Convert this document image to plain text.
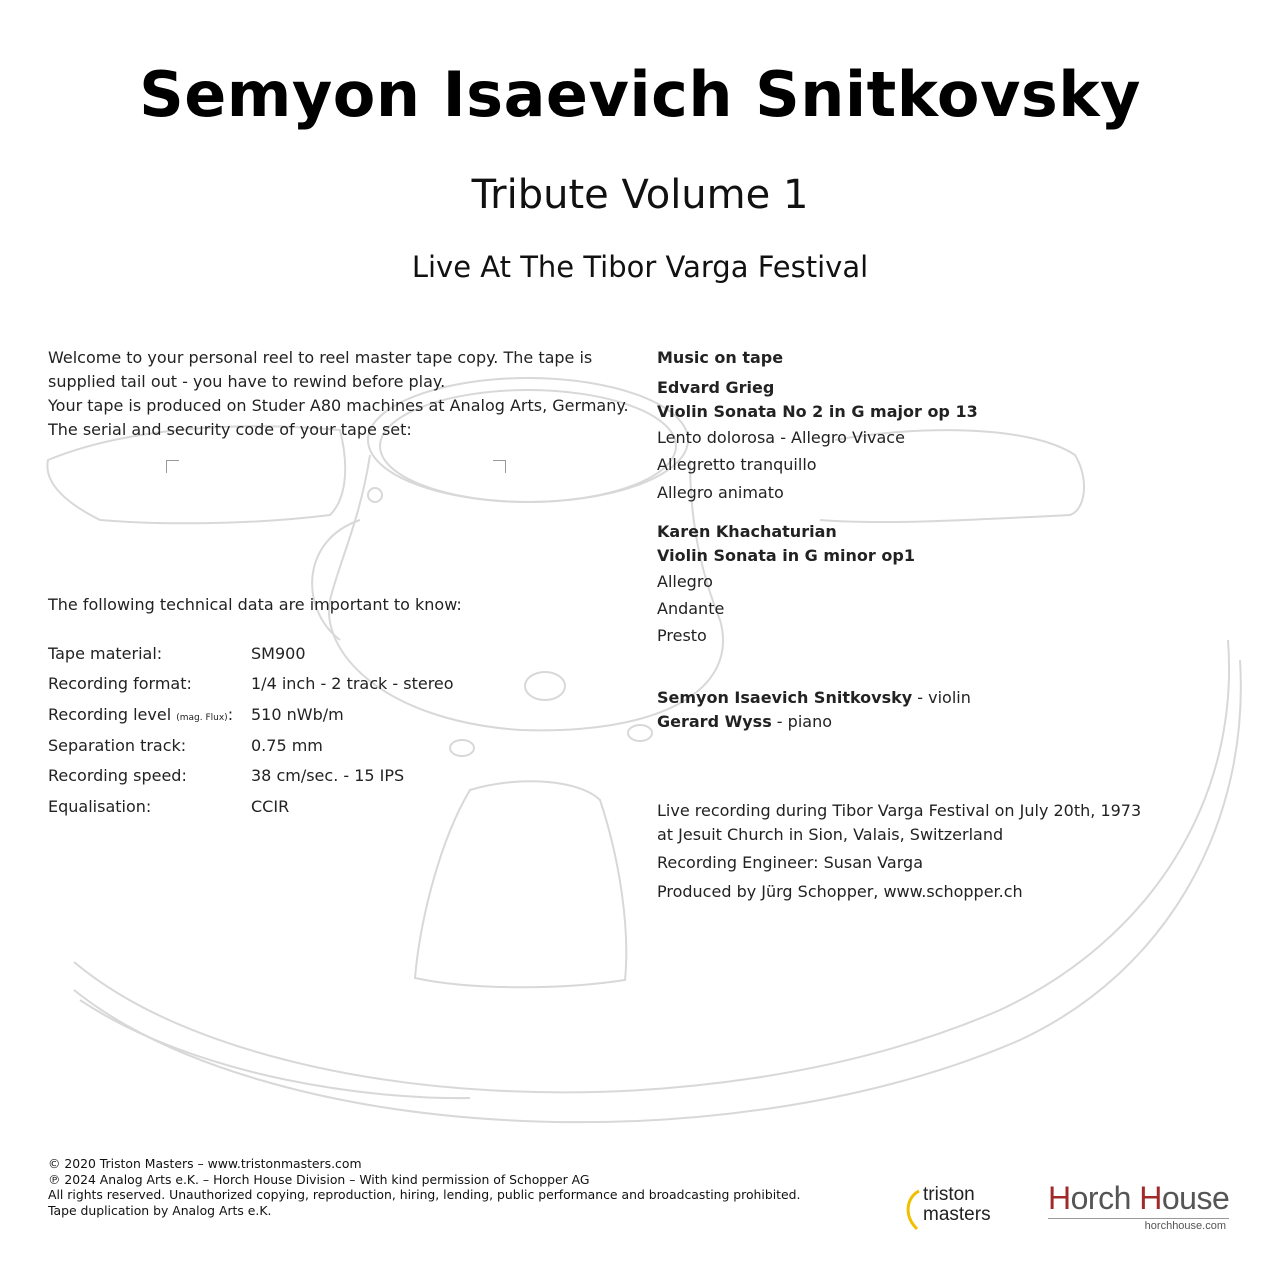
Semyon Isaevich Snitkovsky
Tribute Volume 1
Live At The Tibor Varga Festival

Welcome to your personal reel to reel master tape copy. The tape is

supplied tail out - you have to rewind before play.

Your tape is produced on Studer A80 machines at Analog Arts, Germany.

The serial and security code of your tape set:

The following technical data are important to know:
Tape material:	SM900
Recording format:	1/4 inch - 2 track - stereo
Recording level (mag. Flux):	510 nWb/m
Separation track:	0.75 mm
Recording speed:	38 cm/sec. - 15 IPS
Equalisation:	CCIR
Music on tape
Edvard Grieg
Violin Sonata No 2 in G major op 13
Lento dolorosa - Allegro Vivace
Allegretto tranquillo
Allegro animato
Karen Khachaturian
Violin Sonata in G minor op1
Allegro
Andante
Presto
Semyon Isaevich Snitkovsky - violin
Gerard Wyss - piano
Live recording during Tibor Varga Festival on July 20th, 1973
at Jesuit Church in Sion, Valais, Switzerland
Recording Engineer: Susan Varga
Produced by Jürg Schopper, www.schopper.ch
© 2020 Triston Masters – www.tristonmasters.com
℗ 2024 Analog Arts e.K. – Horch House Division – With kind permission of Schopper AG
All rights reserved. Unauthorized copying, reproduction, hiring, lending, public performance and broadcasting prohibited.
Tape duplication by Analog Arts e.K.
triston
masters Horch House
horchhouse.com
